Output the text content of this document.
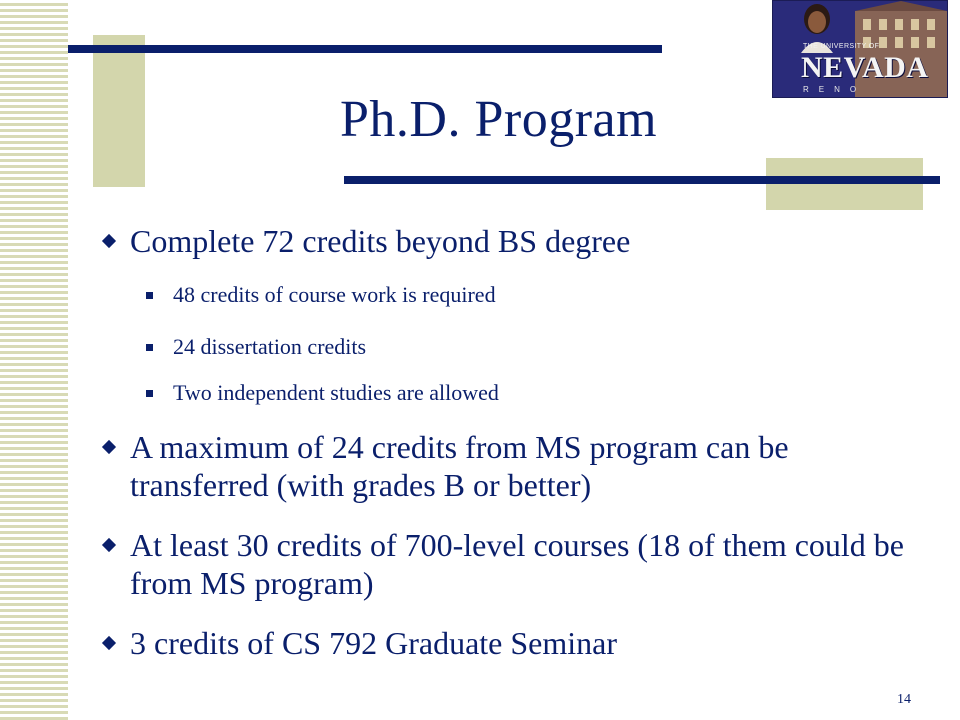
THE UNIVERSITY OF
NEVADA
RENO
Ph.D. Program
Complete 72 credits beyond BS degree
48 credits of course work is required
24 dissertation credits
Two independent studies are allowed
A maximum of 24 credits from MS program can be transferred (with grades B or better)
At least 30 credits of 700-level courses (18 of them could be from MS program)
3 credits of CS 792 Graduate Seminar
14
